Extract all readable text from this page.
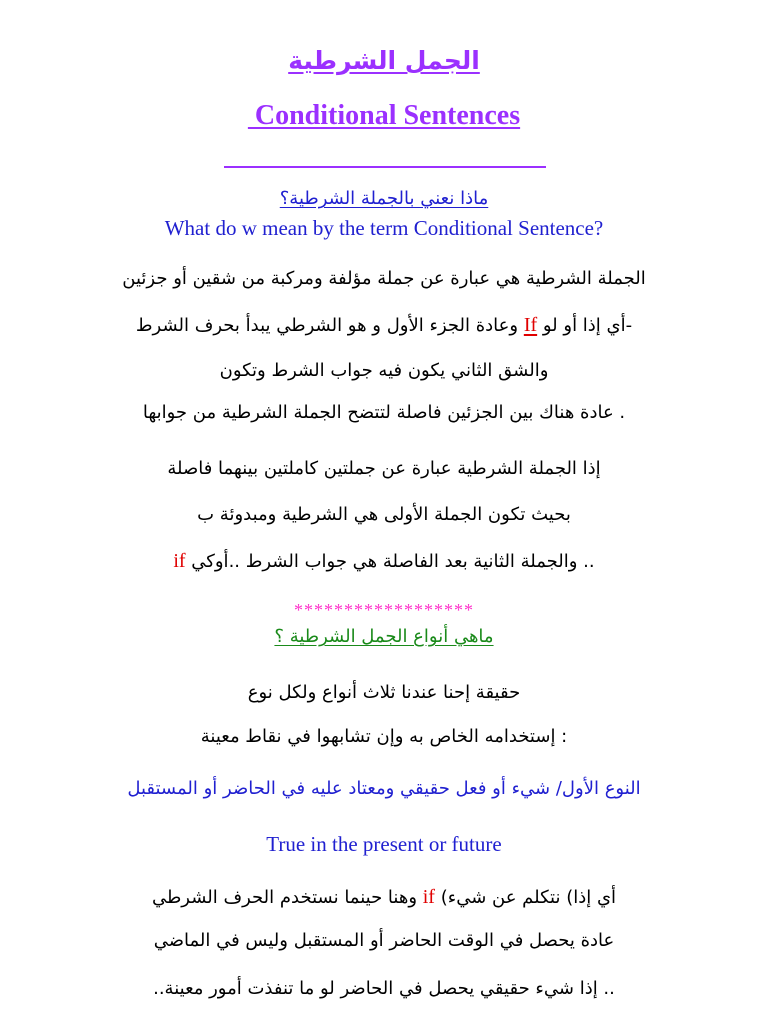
الجمل الشرطية
Conditional Sentences
ماذا نعني بالجملة الشرطية؟
What do w mean by the term Conditional Sentence?
الجملة الشرطية هي عبارة عن جملة مؤلفة ومركبة من شقين أو جزئين
-أي إذا أو لو If وعادة الجزء الأول و هو الشرطي يبدأ بحرف الشرط
والشق الثاني يكون فيه جواب الشرط وتكون
. عادة هناك بين الجزئين فاصلة لتتضح الجملة الشرطية من جوابها
إذا الجملة الشرطية عبارة عن جملتين كاملتين بينهما فاصلة
بحيث تكون الجملة الأولى هي الشرطية ومبدوئة ب
.. والجملة الثانية بعد الفاصلة هي جواب الشرط ..أوكي if
******************
ماهي أنواع الجمل الشرطية ؟
حقيقة إحنا عندنا ثلاث أنواع ولكل نوع
: إستخدامه الخاص به وإن تشابهوا في نقاط معينة
النوع الأول/ شيء أو فعل حقيقي ومعتاد عليه في الحاضر أو المستقبل
True in the present or future
أي إذا) نتكلم عن شيء) if وهنا حينما نستخدم الحرف الشرطي
عادة يحصل في الوقت الحاضر أو المستقبل وليس في الماضي
.. إذا شيء حقيقي يحصل في الحاضر لو ما تنفذت أمور معينة..
